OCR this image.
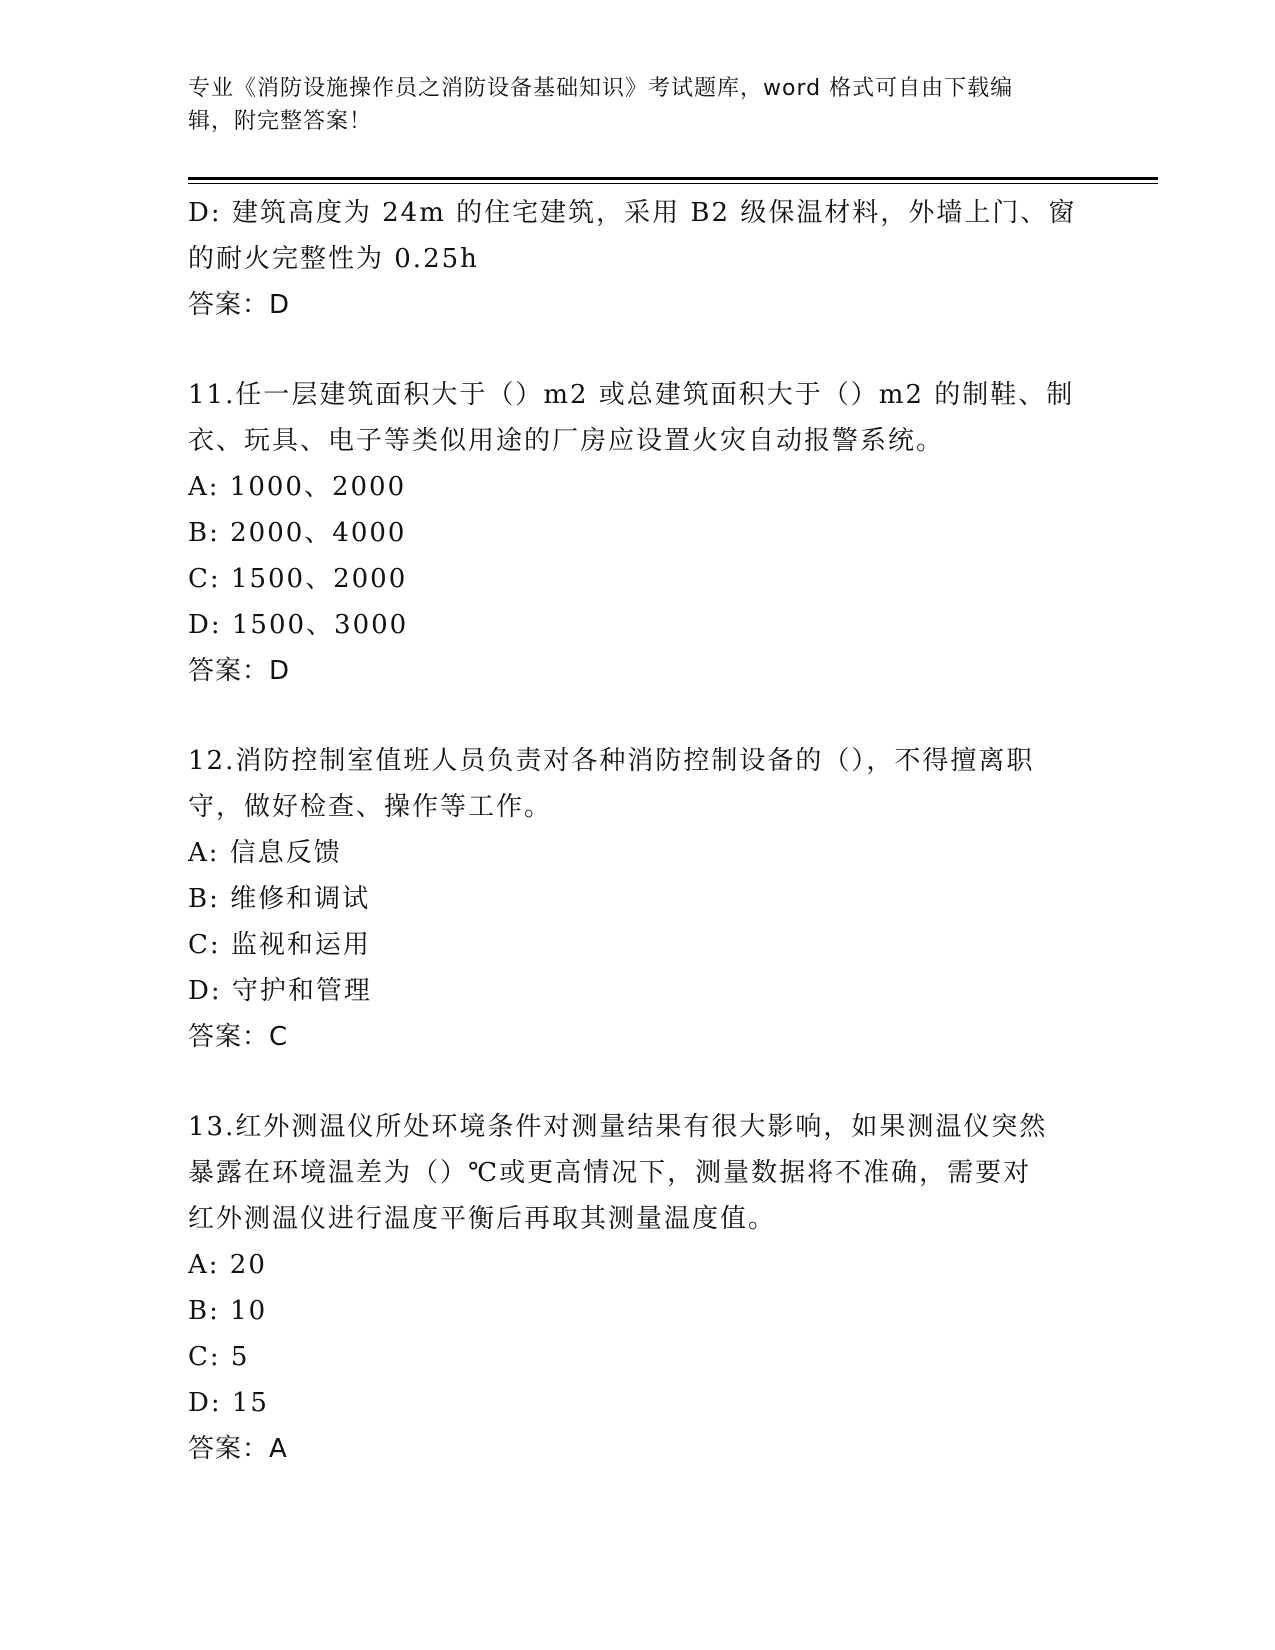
专业《消防设施操作员之消防设备基础知识》考试题库，word 格式可自由下载编
辑，附完整答案！
D: 建筑高度为 24m 的住宅建筑，采用 B2 级保温材料，外墙上门、窗
的耐火完整性为 0.25h
答案：D
11.任一层建筑面积大于（）m2 或总建筑面积大于（）m2 的制鞋、制
衣、玩具、电子等类似用途的厂房应设置火灾自动报警系统。
A: 1000、2000
B: 2000、4000
C: 1500、2000
D: 1500、3000
答案：D
12.消防控制室值班人员负责对各种消防控制设备的（），不得擅离职
守，做好检查、操作等工作。
A: 信息反馈
B: 维修和调试
C: 监视和运用
D: 守护和管理
答案：C
13.红外测温仪所处环境条件对测量结果有很大影响，如果测温仪突然
暴露在环境温差为（）℃或更高情况下，测量数据将不准确，需要对
红外测温仪进行温度平衡后再取其测量温度值。
A: 20
B: 10
C: 5
D: 15
答案：A
